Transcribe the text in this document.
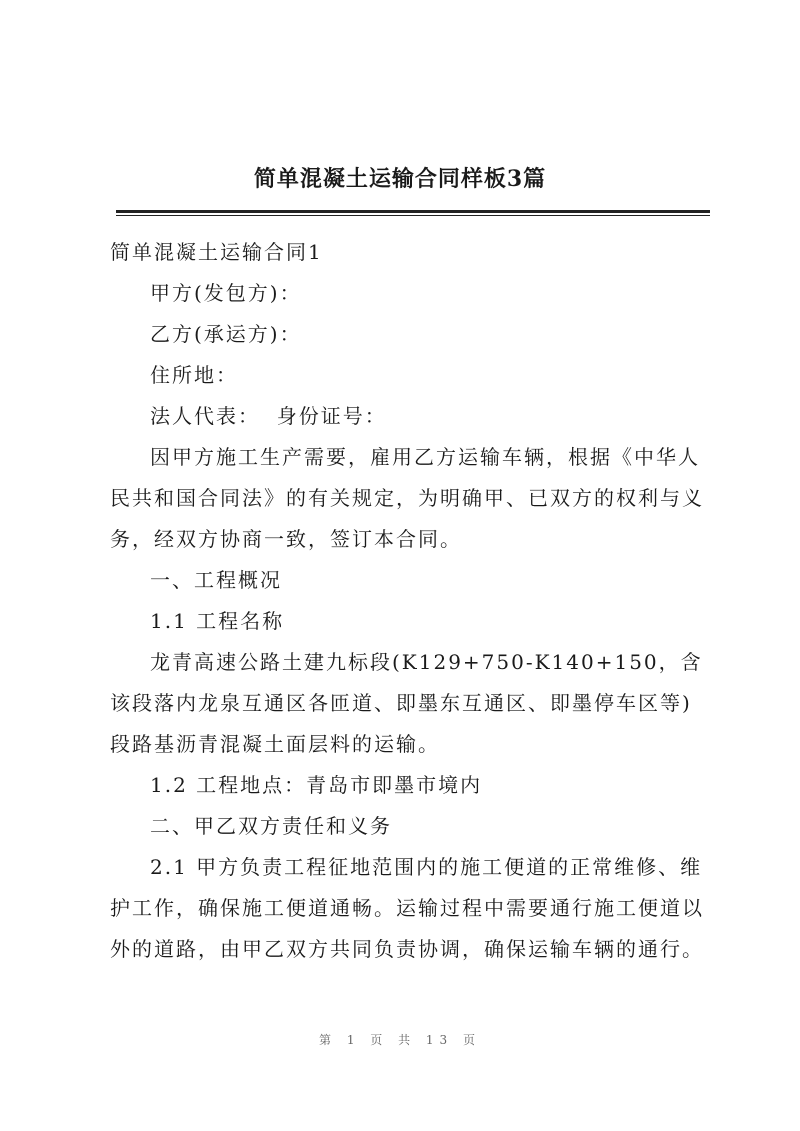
简单混凝土运输合同样板3篇

简单混凝土运输合同1

甲方(发包方)：

乙方(承运方)：

住所地：

法人代表：  身份证号：

因甲方施工生产需要，雇用乙方运输车辆，根据《中华人民共和国合同法》的有关规定，为明确甲、已双方的权利与义务，经双方协商一致，签订本合同。

一、工程概况

1.1 工程名称

龙青高速公路土建九标段(K129+750-K140+150，含该段落内龙泉互通区各匝道、即墨东互通区、即墨停车区等)段路基沥青混凝土面层料的运输。

1.2 工程地点：青岛市即墨市境内

二、甲乙双方责任和义务

2.1 甲方负责工程征地范围内的施工便道的正常维修、维护工作，确保施工便道通畅。运输过程中需要通行施工便道以外的道路，由甲乙双方共同负责协调，确保运输车辆的通行。

第 1 页 共 13 页
